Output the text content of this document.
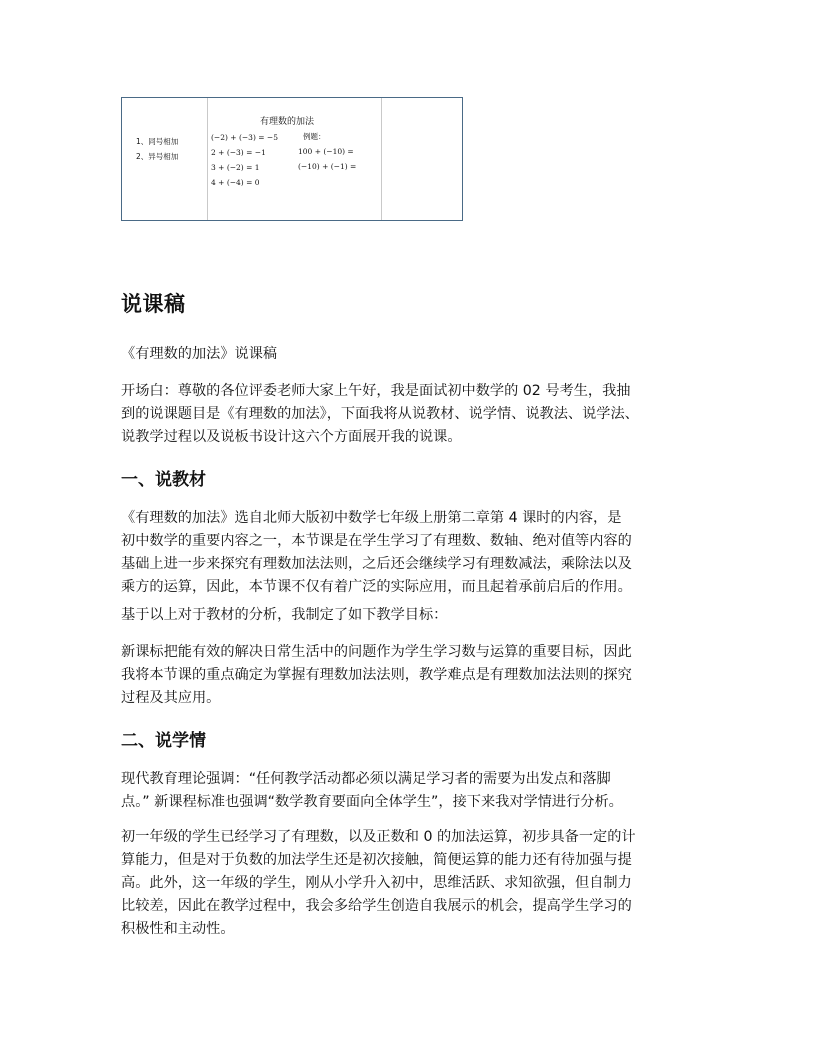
有理数的加法
1、同号相加
2、异号相加
(−2) + (−3) = −5
2 + (−3) = −1
3 + (−2) = 1
4 + (−4) = 0
例题：
100 + (−10) =
(−10) + (−1) =
说课稿

《有理数的加法》说课稿

开场白：尊敬的各位评委老师大家上午好，我是面试初中数学的 02 号考生，我抽
到的说课题目是《有理数的加法》，下面我将从说教材、说学情、说教法、说学法、
说教学过程以及说板书设计这六个方面展开我的说课。

一、说教材

《有理数的加法》选自北师大版初中数学七年级上册第二章第 4 课时的内容，是
初中数学的重要内容之一，本节课是在学生学习了有理数、数轴、绝对值等内容的
基础上进一步来探究有理数加法法则，之后还会继续学习有理数减法，乘除法以及
乘方的运算，因此，本节课不仅有着广泛的实际应用，而且起着承前启后的作用。

基于以上对于教材的分析，我制定了如下教学目标：

新课标把能有效的解决日常生活中的问题作为学生学习数与运算的重要目标，因此
我将本节课的重点确定为掌握有理数加法法则，教学难点是有理数加法法则的探究
过程及其应用。

二、说学情

现代教育理论强调：“任何教学活动都必须以满足学习者的需要为出发点和落脚
点。” 新课程标准也强调“数学教育要面向全体学生”，接下来我对学情进行分析。

初一年级的学生已经学习了有理数，以及正数和 0 的加法运算，初步具备一定的计
算能力，但是对于负数的加法学生还是初次接触，简便运算的能力还有待加强与提
高。此外，这一年级的学生，刚从小学升入初中，思维活跃、求知欲强，但自制力
比较差，因此在教学过程中，我会多给学生创造自我展示的机会，提高学生学习的
积极性和主动性。
